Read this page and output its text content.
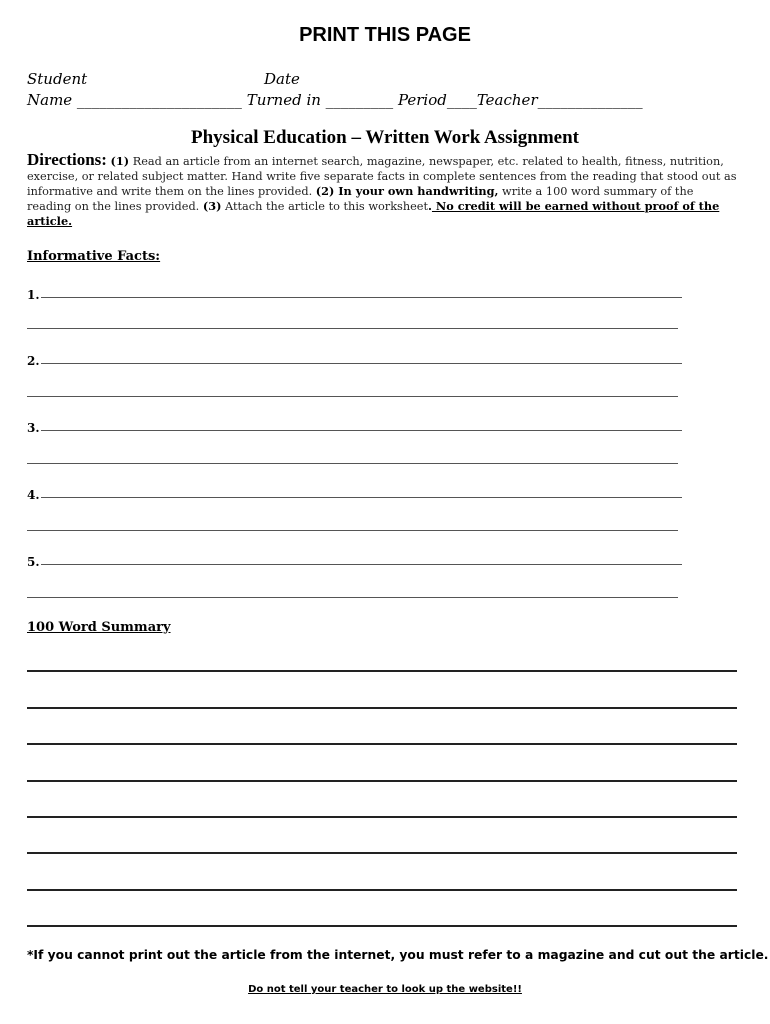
PRINT THIS PAGE
Student	Date
Name ______________________ Turned in _________ Period____Teacher______________
Physical Education – Written Work Assignment
Directions: (1) Read an article from an internet search, magazine, newspaper, etc. related to health, fitness, nutrition, exercise, or related subject matter. Hand write five separate facts in complete sentences from the reading that stood out as informative and write them on the lines provided. (2) In your own handwriting, write a 100 word summary of the reading on the lines provided. (3) Attach the article to this worksheet. No credit will be earned without proof of the article.
Informative Facts:
1.
2.
3.
4.
5.
100 Word Summary
*If you cannot print out the article from the internet, you must refer to a magazine and cut out the article.
Do not tell your teacher to look up the website!!
